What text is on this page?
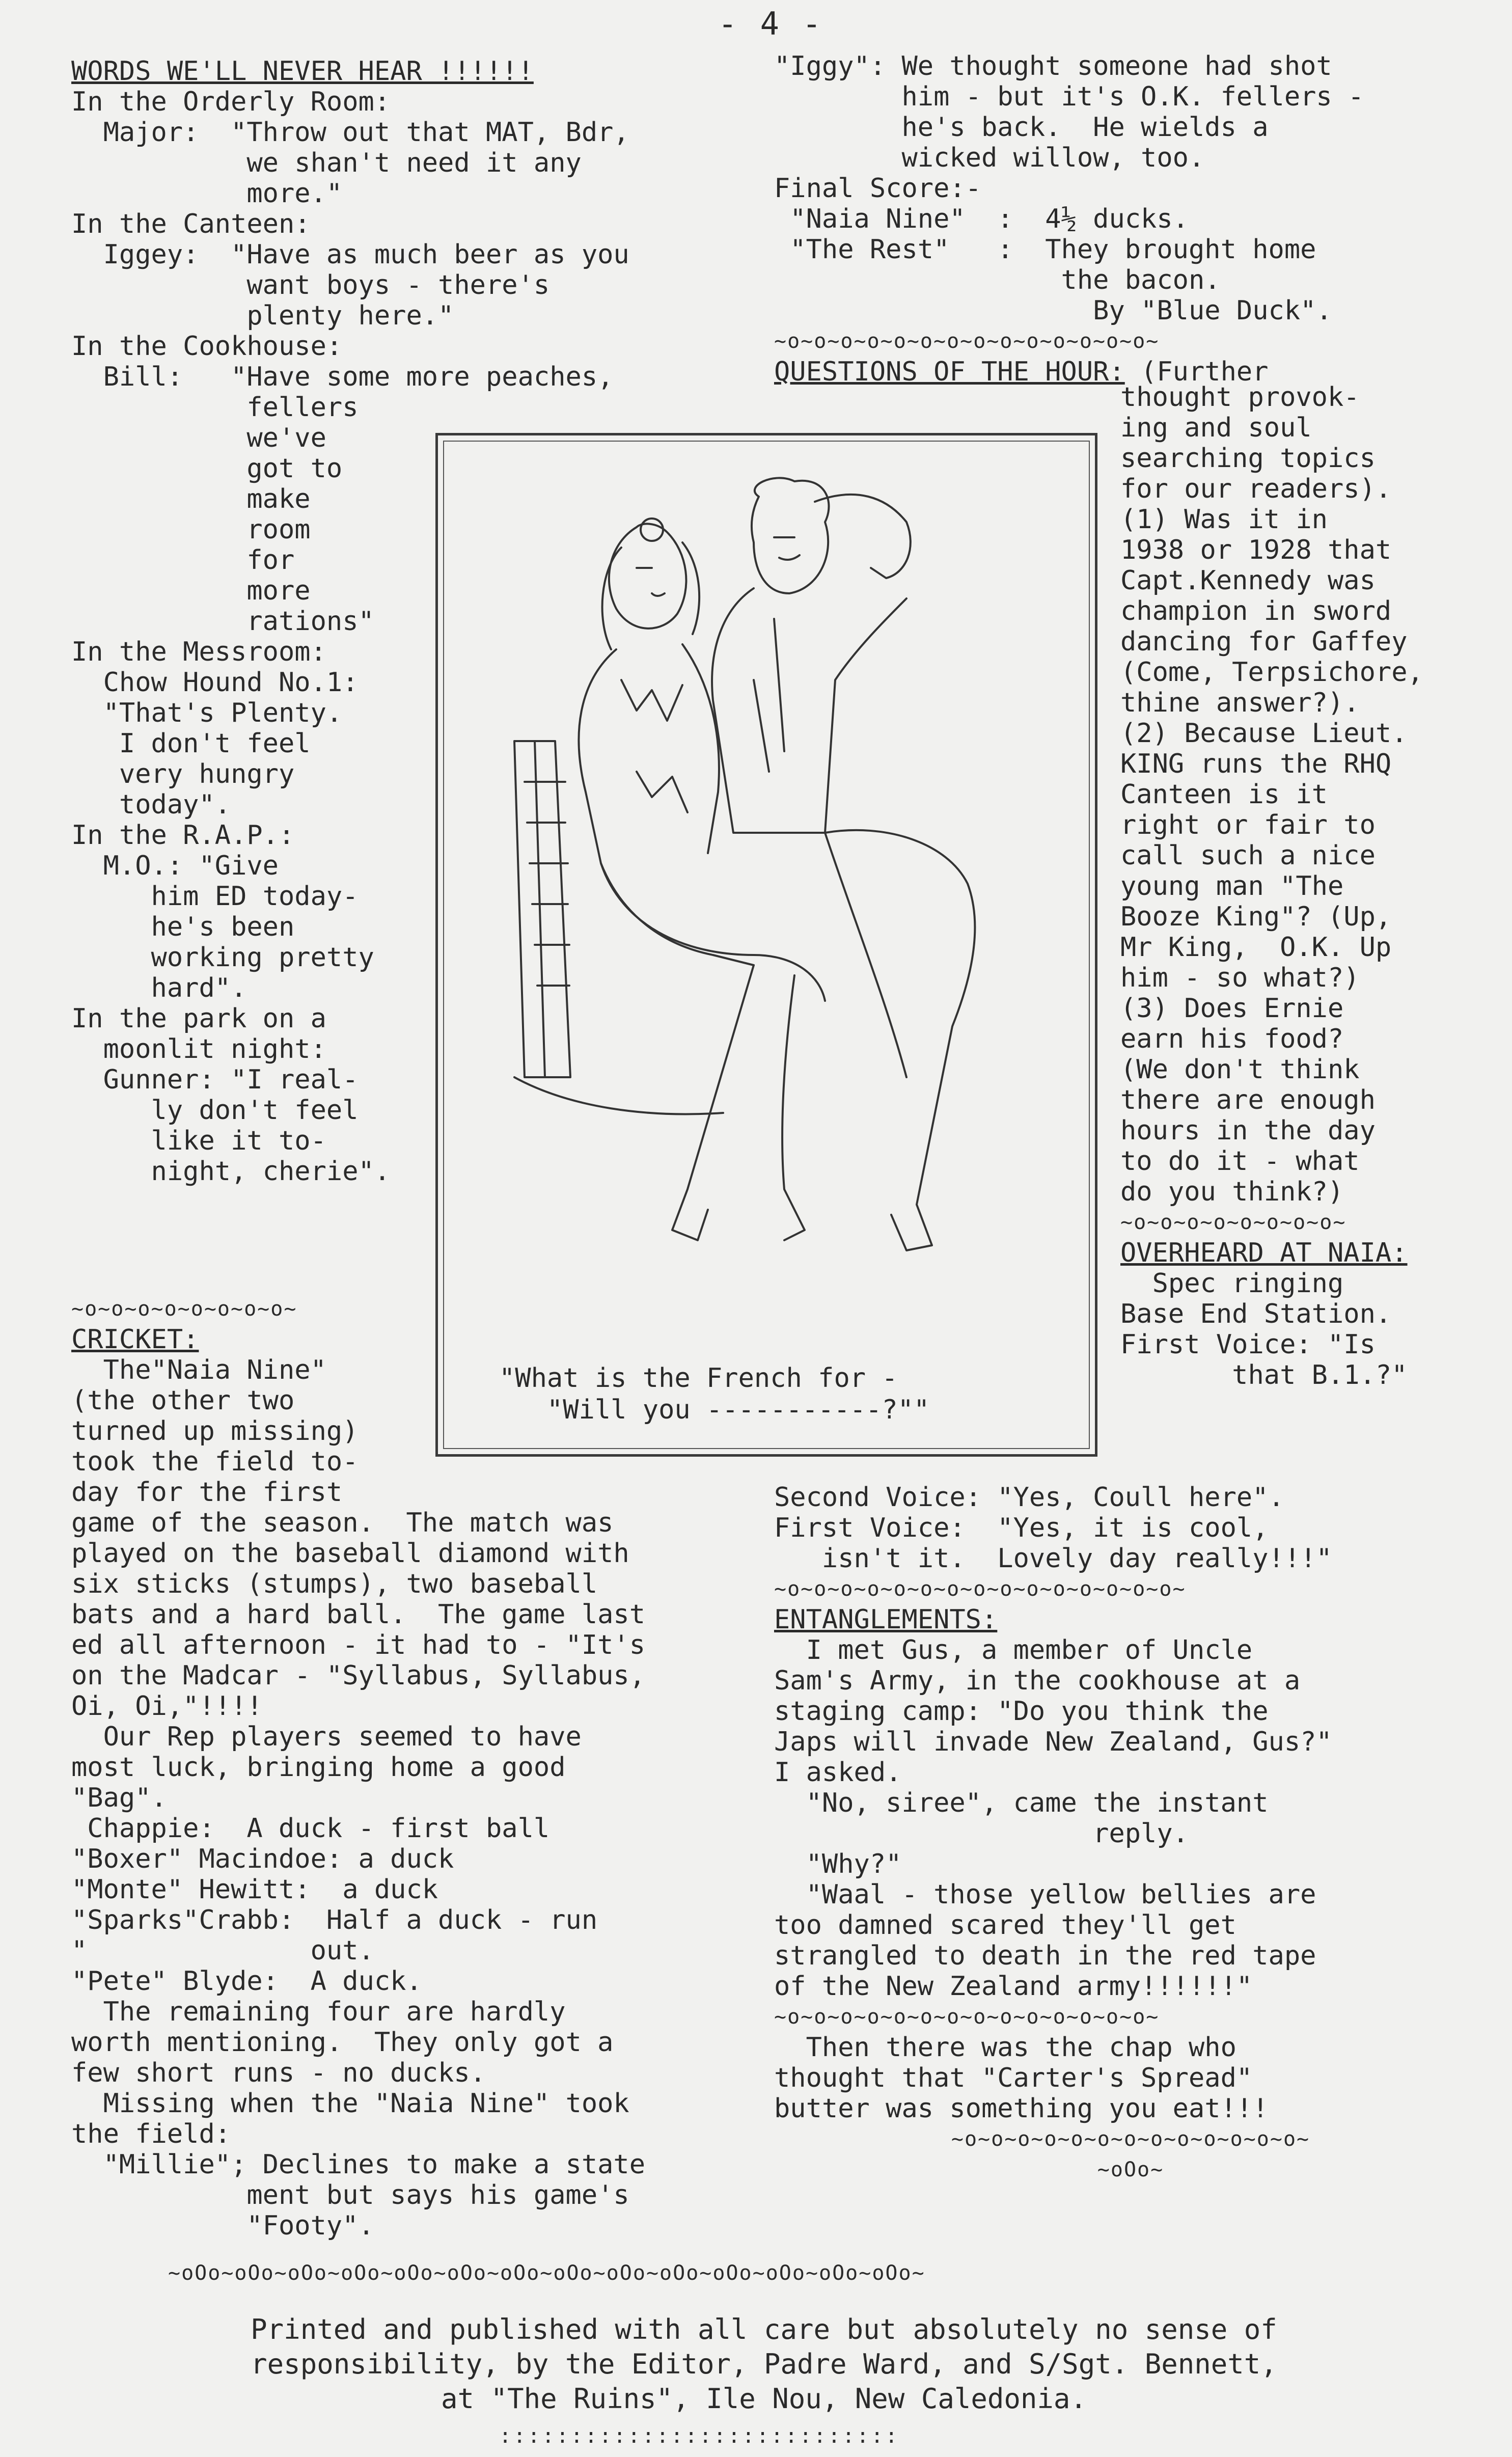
- 4 -
WORDS WE'LL NEVER HEAR !!!!!!
In the Orderly Room:
Major:  "Throw out that MAT, Bdr,
we shan't need it any
more."
In the Canteen:
Iggey:  "Have as much beer as you
want boys - there's
plenty here."
In the Cookhouse:
Bill:   "Have some more peaches,
fellers
we've
got to
make
room
for
more
rations"
In the Messroom:
Chow Hound No.1:
"That's Plenty.
I don't feel
very hungry
today".
In the R.A.P.:
M.O.: "Give
him ED today-
he's been
working pretty
hard".
In the park on a
moonlit night:
Gunner: "I real-
ly don't feel
like it to-
night, cherie".
"What is the French for -
"Will you -----------?""
"Iggy": We thought someone had shot
him - but it's O.K. fellers -
he's back.  He wields a
wicked willow, too.
Final Score:-
"Naia Nine"  :  4½ ducks.
"The Rest"   :  They brought home
the bacon.
By "Blue Duck".
~o~o~o~o~o~o~o~o~o~o~o~o~o~o~
QUESTIONS OF THE HOUR: (Further
thought provok-
ing and soul
searching topics
for our readers).
(1) Was it in
1938 or 1928 that
Capt.Kennedy was
champion in sword
dancing for Gaffey
(Come, Terpsichore,
thine answer?).
(2) Because Lieut.
KING runs the RHQ
Canteen is it
right or fair to
call such a nice
young man "The
Booze King"? (Up,
Mr King,  O.K. Up
him - so what?)
(3) Does Ernie
earn his food?
(We don't think
there are enough
hours in the day
to do it - what
do you think?)
~o~o~o~o~o~o~o~o~
OVERHEARD AT NAIA:
Spec ringing
Base End Station.
First Voice: "Is
that B.1.?"
~o~o~o~o~o~o~o~o~
CRICKET:
The"Naia Nine"
(the other two
turned up missing)
took the field to-
day for the first
game of the season.  The match was
played on the baseball diamond with
six sticks (stumps), two baseball
bats and a hard ball.  The game last
ed all afternoon - it had to - "It's
on the Madcar - "Syllabus, Syllabus,
Oi, Oi,"!!!!
Our Rep players seemed to have
most luck, bringing home a good
"Bag".
Chappie:  A duck - first ball
"Boxer" Macindoe: a duck
"Monte" Hewitt:  a duck
"Sparks"Crabb:  Half a duck - run
"              out.
"Pete" Blyde:  A duck.
The remaining four are hardly
worth mentioning.  They only got a
few short runs - no ducks.
Missing when the "Naia Nine" took
the field:
"Millie"; Declines to make a state
ment but says his game's
"Footy".
Second Voice: "Yes, Coull here".
First Voice:  "Yes, it is cool,
isn't it.  Lovely day really!!!"
~o~o~o~o~o~o~o~o~o~o~o~o~o~o~o~
ENTANGLEMENTS:
I met Gus, a member of Uncle
Sam's Army, in the cookhouse at a
staging camp: "Do you think the
Japs will invade New Zealand, Gus?"
I asked.
"No, siree", came the instant
reply.
"Why?"
"Waal - those yellow bellies are
too damned scared they'll get
strangled to death in the red tape
of the New Zealand army!!!!!!"
~o~o~o~o~o~o~o~o~o~o~o~o~o~o~
Then there was the chap who
thought that "Carter's Spread"
butter was something you eat!!!
~o~o~o~o~o~o~o~o~o~o~o~o~o~
~oOo~
~oOo~oOo~oOo~oOo~oOo~oOo~oOo~oOo~oOo~oOo~oOo~oOo~oOo~oOo~
Printed and published with all care but absolutely no sense of
responsibility, by the Editor, Padre Ward, and S/Sgt. Bennett,
at "The Ruins", Ile Nou, New Caledonia.
::::::::::::::::::::::::::::
